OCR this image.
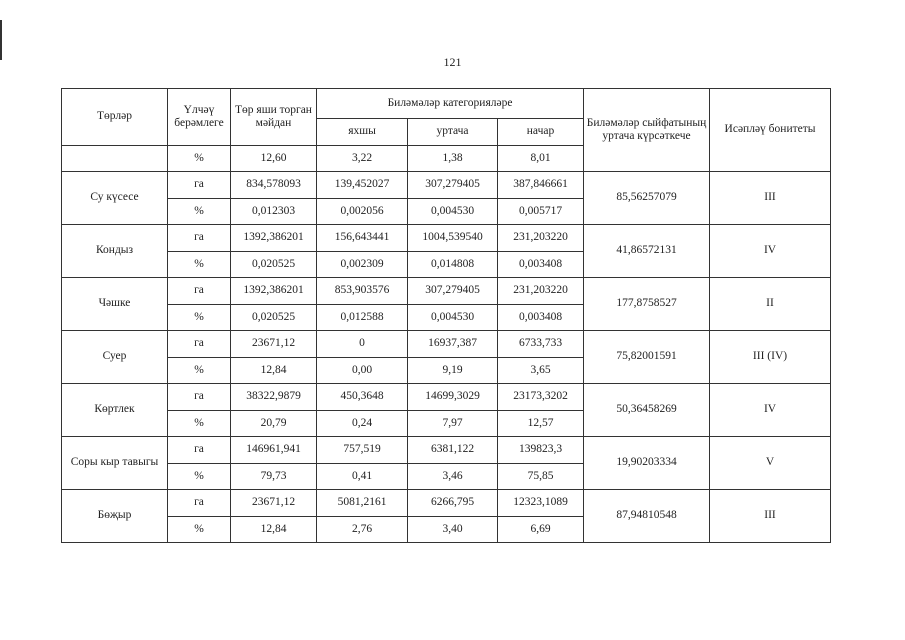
121
Төрләр	Үлчәү берәмлеге	Төр яши торган мәйдан	Биләмәләр категорияләре			Биләмәләр сыйфатының уртача күрсәткече	Исәпләү бонитеты
			яхшы	уртача	начар		
	%	12,60	3,22	1,38	8,01		
Су күсесе	га	834,578093	139,452027	307,279405	387,846661	85,56257079	III
	%	0,012303	0,002056	0,004530	0,005717		
Кондыз	га	1392,386201	156,643441	1004,539540	231,203220	41,86572131	IV
	%	0,020525	0,002309	0,014808	0,003408		
Чәшке	га	1392,386201	853,903576	307,279405	231,203220	177,8758527	II
	%	0,020525	0,012588	0,004530	0,003408		
Суер	га	23671,12	0	16937,387	6733,733	75,82001591	III (IV)
	%	12,84	0,00	9,19	3,65		
Көртлек	га	38322,9879	450,3648	14699,3029	23173,3202	50,36458269	IV
	%	20,79	0,24	7,97	12,57		
Соры кыр тавыгы	га	146961,941	757,519	6381,122	139823,3	19,90203334	V
	%	79,73	0,41	3,46	75,85		
Бөҗыр	га	23671,12	5081,2161	6266,795	12323,1089	87,94810548	III
	%	12,84	2,76	3,40	6,69		
